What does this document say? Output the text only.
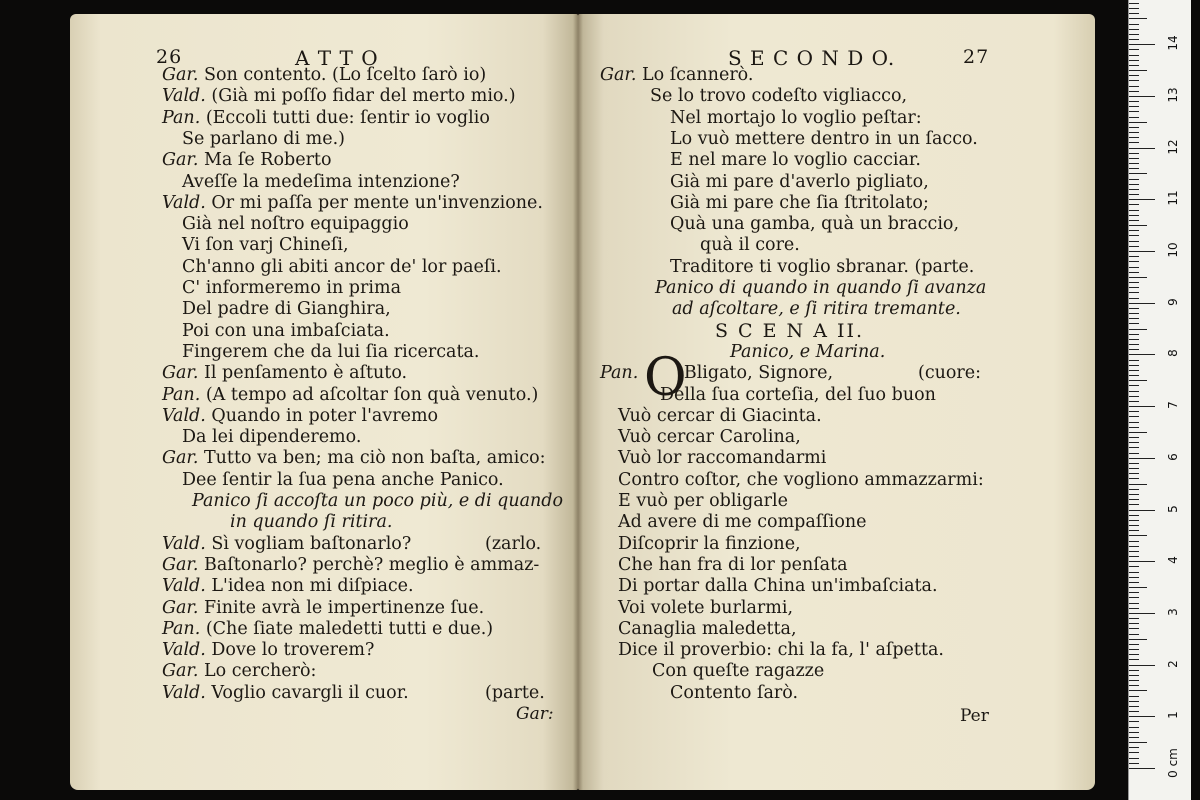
26	A T T O
Gar. Son contento. (Lo ſcelto ſarò io)
Vald. (Già mi poſſo fidar del merto mio.)
Pan. (Eccoli tutti due: ſentir io voglio
Se parlano di me.)
Gar. Ma ſe Roberto
Aveſſe la medeſima intenzione?
Vald. Or mi paſſa per mente un'invenzione.
Già nel noſtro equipaggio
Vi ſon varj Chineſi,
Ch'anno gli abiti ancor de' lor paeſi.
C' informeremo in prima
Del padre di Gianghira,
Poi con una imbaſciata.
Fingerem che da lui ſia ricercata.
Gar. Il penſamento è aſtuto.
Pan. (A tempo ad aſcoltar ſon quà venuto.)
Vald. Quando in poter l'avremo
Da lei dipenderemo.
Gar. Tutto va ben; ma ciò non baſta, amico:
Dee ſentir la ſua pena anche Panico.
Panico ſi accoſta un poco più, e di quando
in quando ſi ritira.
Vald. Sì vogliam baſtonarlo?	(zarlo.
Gar. Baſtonarlo? perchè? meglio è ammaz-
Vald. L'idea non mi diſpiace.
Gar. Finite avrà le impertinenze ſue.
Pan. (Che ſiate maledetti tutti e due.)
Vald. Dove lo troverem?
Gar. Lo cercherò:
Vald. Voglio cavargli il cuor.	(parte.
Gar:
S E C O N D O.	27
Gar. Lo ſcannerò.
Se lo trovo codeſto vigliacco,
Nel mortajo lo voglio peſtar:
Lo vuò mettere dentro in un ſacco.
E nel mare lo voglio cacciar.
Già mi pare d'averlo pigliato,
Già mi pare che ſia ſtritolato;
Quà una gamba, quà un braccio,
quà il core.
Traditore ti voglio sbranar. (parte.
Panico di quando in quando ſi avanza
ad aſcoltare, e ſi ritira tremante.
S C E N A II.
Panico, e Marina.
Pan. O
Bligato, Signore,	(cuore:
Della ſua corteſia, del ſuo buon
Vuò cercar di Giacinta.
Vuò cercar Carolina,
Vuò lor raccomandarmi
Contro coſtor, che vogliono ammazzarmi:
E vuò per obligarle
Ad avere di me compaſſione
Diſcoprir la finzione,
Che han fra di lor penſata
Di portar dalla China un'imbaſciata.
Voi volete burlarmi,
Canaglia maledetta,
Dice il proverbio: chi la fa, l' aſpetta.
Con queſte ragazze
Contento ſarò.
Per
0 cm
1
2
3
4
5
6
7
8
9
10
11
12
13
14
